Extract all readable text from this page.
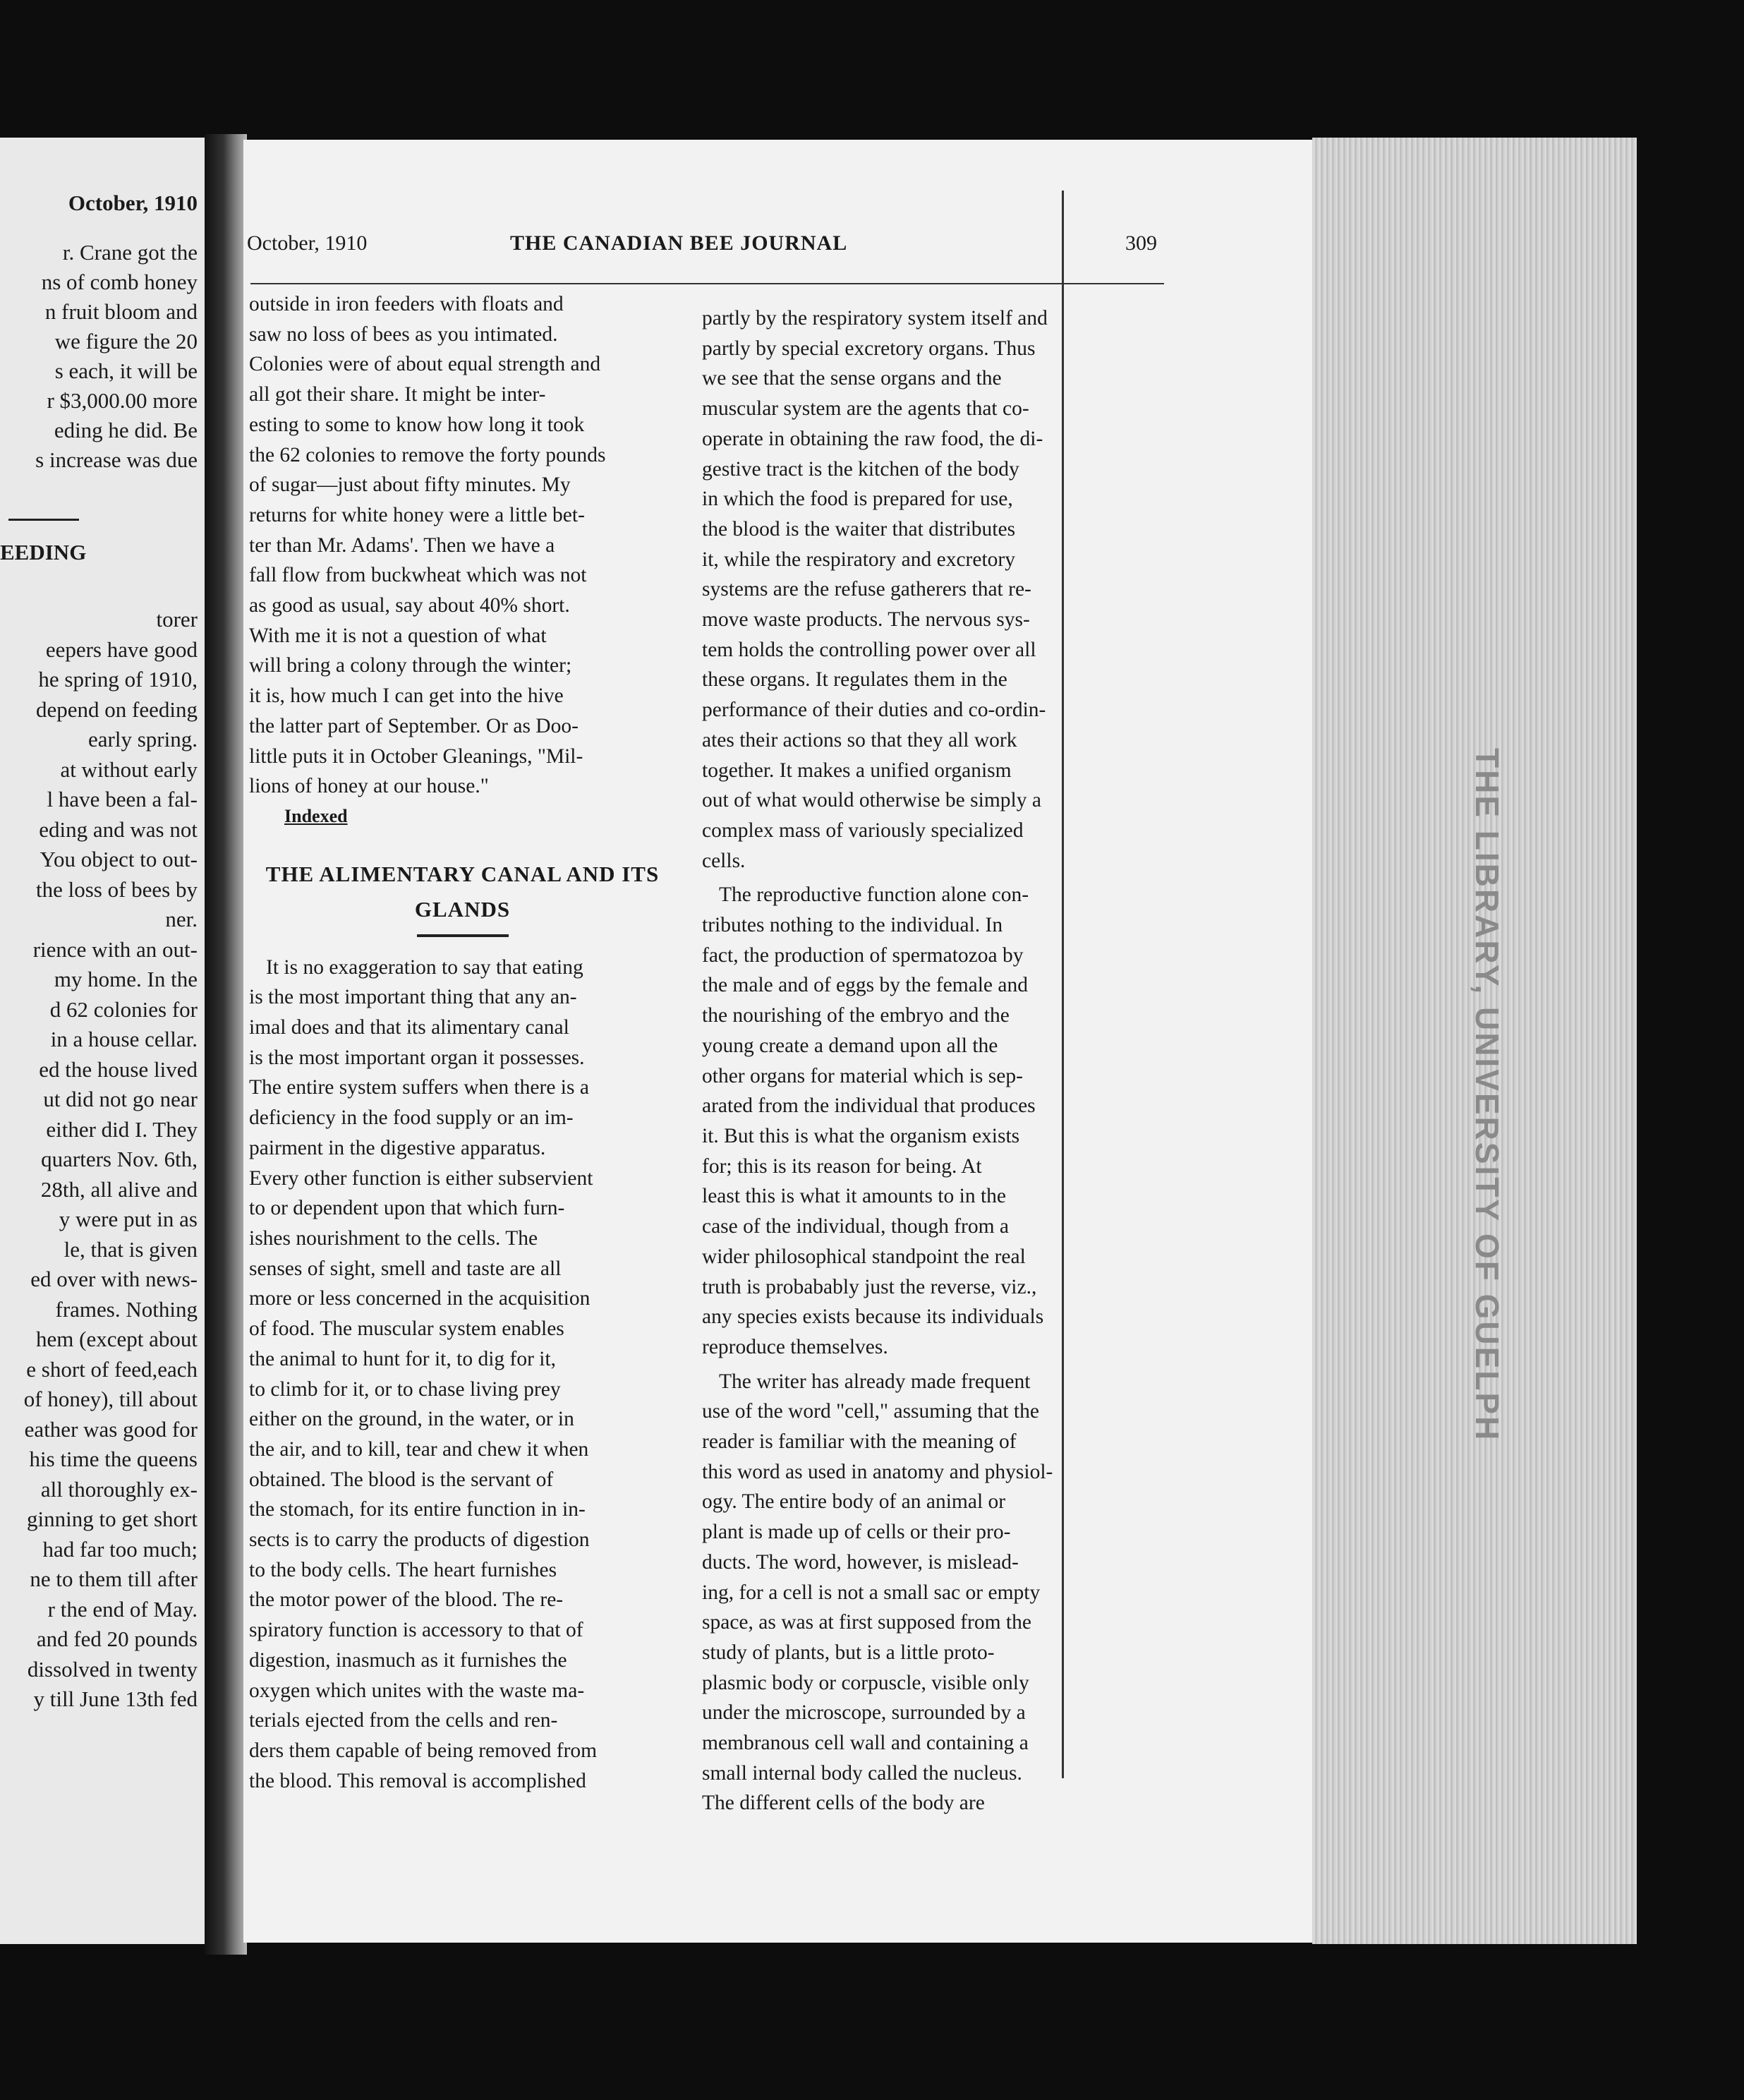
October, 1910
r. Crane got the
ns of comb honey
n fruit bloom and
we figure the 20
s each, it will be
r $3,000.00 more
eding he did. Be
s increase was due
EEDING
torer
eepers have good
he spring of 1910,
depend on feeding
early spring.
at without early
l have been a fal-
eding and was not
You object to out-
the loss of bees by
ner.
rience with an out-
my home. In the
d 62 colonies for
in a house cellar.
ed the house lived
ut did not go near
either did I. They
quarters Nov. 6th,
28th, all alive and
y were put in as
le, that is given
ed over with news-
frames. Nothing
hem (except about
e short of feed,each
of honey), till about
eather was good for
his time the queens
all thoroughly ex-
ginning to get short
had far too much;
ne to them till after
r the end of May.
and fed 20 pounds
dissolved in twenty
y till June 13th fed
October, 1910	THE CANADIAN BEE JOURNAL	309

outside in iron feeders with floats and
saw no loss of bees as you intimated.
Colonies were of about equal strength and
all got their share. It might be inter-
esting to some to know how long it took
the 62 colonies to remove the forty pounds
of sugar—just about fifty minutes. My
returns for white honey were a little bet-
ter than Mr. Adams'. Then we have a
fall flow from buckwheat which was not
as good as usual, say about 40% short.
With me it is not a question of what
will bring a colony through the winter;
it is, how much I can get into the hive
the latter part of September. Or as Doo-
little puts it in October Gleanings, "Mil-
lions of honey at our house."

Indexed
THE ALIMENTARY CANAL AND ITS
GLANDS

It is no exaggeration to say that eating
is the most important thing that any an-
imal does and that its alimentary canal
is the most important organ it possesses.
The entire system suffers when there is a
deficiency in the food supply or an im-
pairment in the digestive apparatus.
Every other function is either subservient
to or dependent upon that which furn-
ishes nourishment to the cells. The
senses of sight, smell and taste are all
more or less concerned in the acquisition
of food. The muscular system enables
the animal to hunt for it, to dig for it,
to climb for it, or to chase living prey
either on the ground, in the water, or in
the air, and to kill, tear and chew it when
obtained. The blood is the servant of
the stomach, for its entire function in in-
sects is to carry the products of digestion
to the body cells. The heart furnishes
the motor power of the blood. The re-
spiratory function is accessory to that of
digestion, inasmuch as it furnishes the
oxygen which unites with the waste ma-
terials ejected from the cells and ren-
ders them capable of being removed from
the blood. This removal is accomplished

partly by the respiratory system itself and
partly by special excretory organs. Thus
we see that the sense organs and the
muscular system are the agents that co-
operate in obtaining the raw food, the di-
gestive tract is the kitchen of the body
in which the food is prepared for use,
the blood is the waiter that distributes
it, while the respiratory and excretory
systems are the refuse gatherers that re-
move waste products. The nervous sys-
tem holds the controlling power over all
these organs. It regulates them in the
performance of their duties and co-ordin-
ates their actions so that they all work
together. It makes a unified organism
out of what would otherwise be simply a
complex mass of variously specialized
cells.

The reproductive function alone con-
tributes nothing to the individual. In
fact, the production of spermatozoa by
the male and of eggs by the female and
the nourishing of the embryo and the
young create a demand upon all the
other organs for material which is sep-
arated from the individual that produces
it. But this is what the organism exists
for; this is its reason for being. At
least this is what it amounts to in the
case of the individual, though from a
wider philosophical standpoint the real
truth is probabably just the reverse, viz.,
any species exists because its individuals
reproduce themselves.

The writer has already made frequent
use of the word "cell," assuming that the
reader is familiar with the meaning of
this word as used in anatomy and physiol-
ogy. The entire body of an animal or
plant is made up of cells or their pro-
ducts. The word, however, is mislead-
ing, for a cell is not a small sac or empty
space, as was at first supposed from the
study of plants, but is a little proto-
plasmic body or corpuscle, visible only
under the microscope, surrounded by a
membranous cell wall and containing a
small internal body called the nucleus.
The different cells of the body are

THE LIBRARY, UNIVERSITY OF GUELPH
